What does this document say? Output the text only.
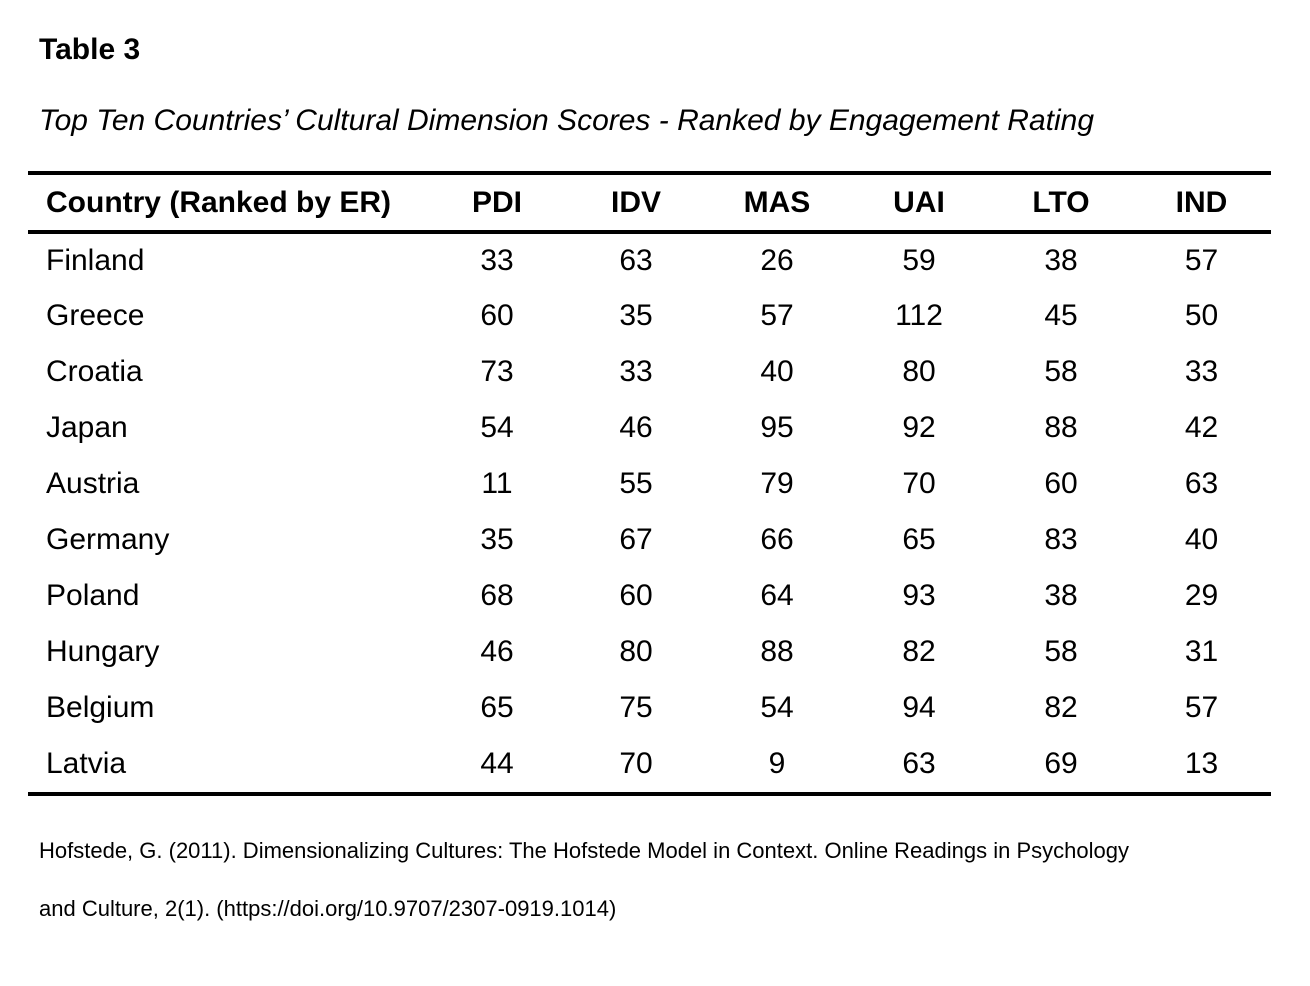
Table 3
Top Ten Countries’ Cultural Dimension Scores - Ranked by Engagement Rating
Country (Ranked by ER)	PDI	IDV	MAS	UAI	LTO	IND
Finland	33	63	26	59	38	57
Greece	60	35	57	112	45	50
Croatia	73	33	40	80	58	33
Japan	54	46	95	92	88	42
Austria	11	55	79	70	60	63
Germany	35	67	66	65	83	40
Poland	68	60	64	93	38	29
Hungary	46	80	88	82	58	31
Belgium	65	75	54	94	82	57
Latvia	44	70	9	63	69	13
Hofstede, G. (2011). Dimensionalizing Cultures: The Hofstede Model in Context. Online Readings in Psychology
and Culture, 2(1). (https://doi.org/10.9707/2307-0919.1014)
